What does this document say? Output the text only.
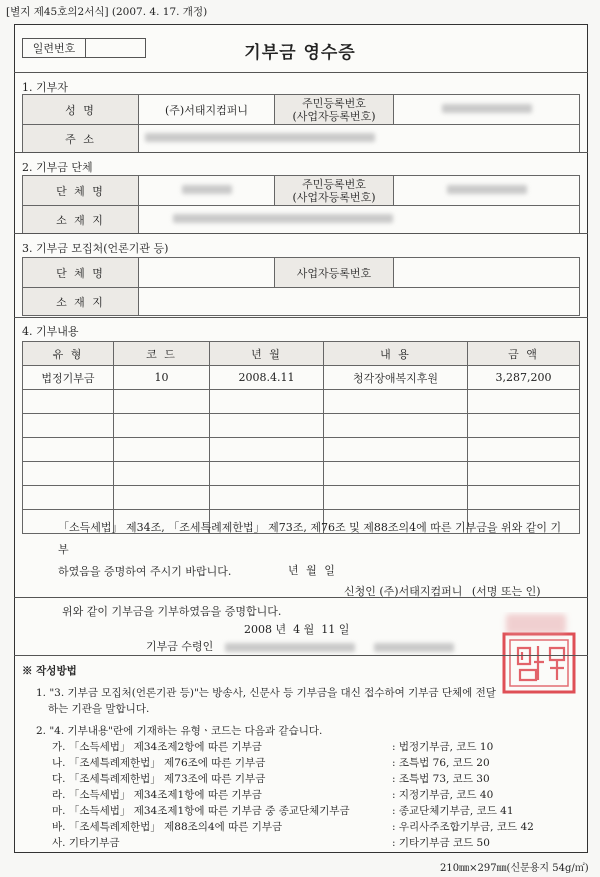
[별지 제45호의2서식] (2007. 4. 17. 개정)
일련번호	기부금 영수증
1. 기부자
성 명	(주)서태지컴퍼니	주민등록번호
(사업자등록번호)	

주 소			
2. 기부금 단체
단 체 명		주민등록번호
(사업자등록번호)	

소 재 지			
3. 기부금 모집처(언론기관 등)
단 체 명		사업자등록번호	
소 재 지			
4. 기부내용
유 형	코 드	년 월	내 용	금 액
법정기부금	10	2008.4.11	청각장애복지후원	3,287,200

「소득세법」 제34조, 「조세특례제한법」 제73조, 제76조 및 제88조의4에 따른 기부금을 위와 같이 기부
하였음을 증명하여 주시기 바랍니다.	년 월 일
신청인 (주)서태지컴퍼니 (서명 또는 인)
위와 같이 기부금을 기부하였음을 증명합니다.
2008 년  4 월  11 일
기부금 수령인
※ 작성방법
1. "3. 기부금 모집처(언론기관 등)"는 방송사, 신문사 등 기부금을 대신 접수하여 기부금 단체에 전달
하는 기관을 말합니다.
2. "4. 기부내용"란에 기재하는 유형ㆍ코드는 다음과 같습니다.
가. 「소득세법」 제34조제2항에 따른 기부금	: 법정기부금, 코드 10
나. 「조세특례제한법」 제76조에 따른 기부금	: 조특법 76, 코드 20
다. 「조세특례제한법」 제73조에 따른 기부금	: 조특법 73, 코드 30
라. 「소득세법」 제34조제1항에 따른 기부금	: 지정기부금, 코드 40
마. 「소득세법」 제34조제1항에 따른 기부금 중 종교단체기부금	: 종교단체기부금, 코드 41
바. 「조세특례제한법」 제88조의4에 따른 기부금	: 우리사주조합기부금, 코드 42
사. 기타기부금	: 기타기부금 코드 50
210㎜×297㎜(신문용지 54g/㎡)
